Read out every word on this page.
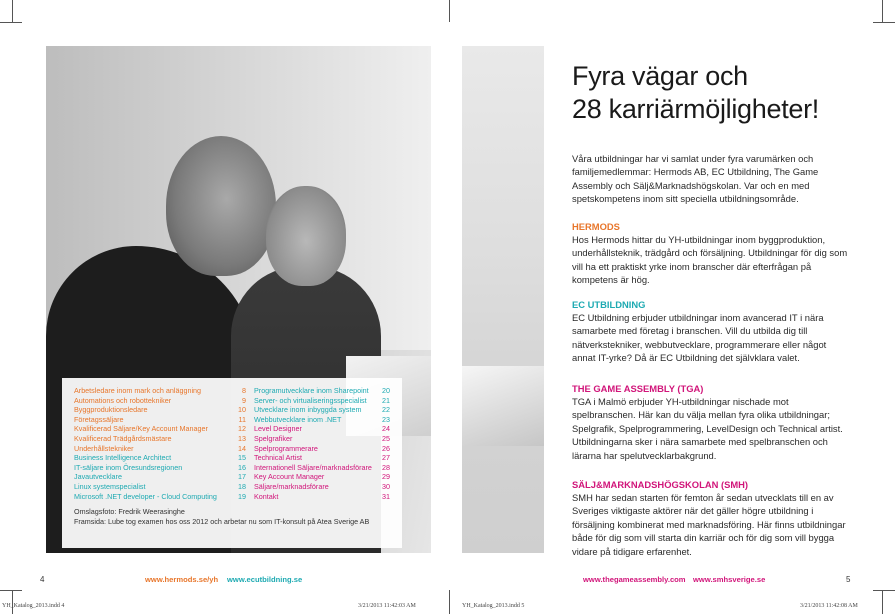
Arbetsledare inom mark och anläggning	8
Automations och robottekniker	9
Byggproduktionsledare	10
Företagssäljare	11
Kvalificerad Säljare/Key Account Manager	12
Kvalificerad Trädgårdsmästare	13
Underhållstekniker	14
Business Intelligence Architect	15
IT-säljare inom Öresundsregionen	16
Javautvecklare	17
Linux systemspecialist	18
Microsoft .NET developer - Cloud Computing	19
Programutvecklare inom Sharepoint	20
Server- och virtualiseringsspecialist	21
Utvecklare inom inbyggda system	22
Webbutvecklare inom .NET	23
Level Designer	24
Spelgrafiker	25
Spelprogrammerare	26
Technical Artist	27
Internationell Säljare/marknadsförare	28
Key Account Manager	29
Säljare/marknadsförare	30
Kontakt	31
Omslagsfoto: Fredrik Weerasinghe
Framsida: Lube tog examen hos oss 2012 och arbetar nu som IT-konsult på Atea Sverige AB
4	www.hermods.se/yh www.ecutbildning.se
YH_Katalog_2013.indd 4	3/21/2013 11:42:03 AM
Fyra vägar och
28 karriärmöjligheter!

Våra utbildningar har vi samlat under fyra varumärken och familjemedlemmar: Hermods AB, EC Utbildning, The Game Assembly och Sälj&Marknadshögskolan. Var och en med spetskompetens inom sitt speciella utbildningsområde.

HERMODS

Hos Hermods hittar du YH-utbildningar inom byggproduktion, underhållsteknik, trädgård och försäljning. Utbildningar för dig som vill ha ett praktiskt yrke inom branscher där efterfrågan på kompetens är hög.

EC UTBILDNING

EC Utbildning erbjuder utbildningar inom avancerad IT i nära samarbete med företag i branschen. Vill du utbilda dig till nätverkstekniker, webbutvecklare, programmerare eller något annat IT-yrke? Då är EC Utbildning det självklara valet.

THE GAME ASSEMBLY (TGA)

TGA i Malmö erbjuder YH-utbildningar nischade mot spelbranschen. Här kan du välja mellan fyra olika utbildningar; Spelgrafik, Spelprogrammering, LevelDesign och Technical artist. Utbildningarna sker i nära samarbete med spelbranschen och lärarna har spelutvecklarbakgrund.

SÄLJ&MARKNADSHÖGSKOLAN (SMH)

SMH har sedan starten för femton år sedan utvecklats till en av Sveriges viktigaste aktörer när det gäller högre utbildning i försäljning kombinerat med marknadsföring. Här finns utbildningar både för dig som vill starta din karriär och för dig som vill bygga vidare på tidigare erfarenhet.

www.thegameassembly.com www.smhsverige.se	5
YH_Katalog_2013.indd 5	3/21/2013 11:42:08 AM
